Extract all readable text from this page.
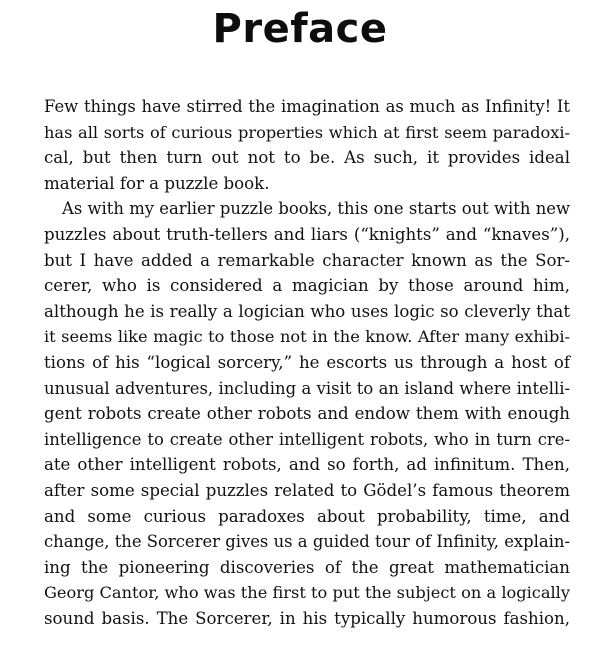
Preface
Few things have stirred the imagination as much as Infinity! It
has all sorts of curious properties which at first seem paradoxi-
cal, but then turn out not to be. As such, it provides ideal
material for a puzzle book.
As with my earlier puzzle books, this one starts out with new
puzzles about truth-tellers and liars (“knights” and “knaves”),
but I have added a remarkable character known as the Sor-
cerer, who is considered a magician by those around him,
although he is really a logician who uses logic so cleverly that
it seems like magic to those not in the know. After many exhibi-
tions of his “logical sorcery,” he escorts us through a host of
unusual adventures, including a visit to an island where intelli-
gent robots create other robots and endow them with enough
intelligence to create other intelligent robots, who in turn cre-
ate other intelligent robots, and so forth, ad infinitum. Then,
after some special puzzles related to Gödel’s famous theorem
and some curious paradoxes about probability, time, and
change, the Sorcerer gives us a guided tour of Infinity, explain-
ing the pioneering discoveries of the great mathematician
Georg Cantor, who was the first to put the subject on a logically
sound basis. The Sorcerer, in his typically humorous fashion,
